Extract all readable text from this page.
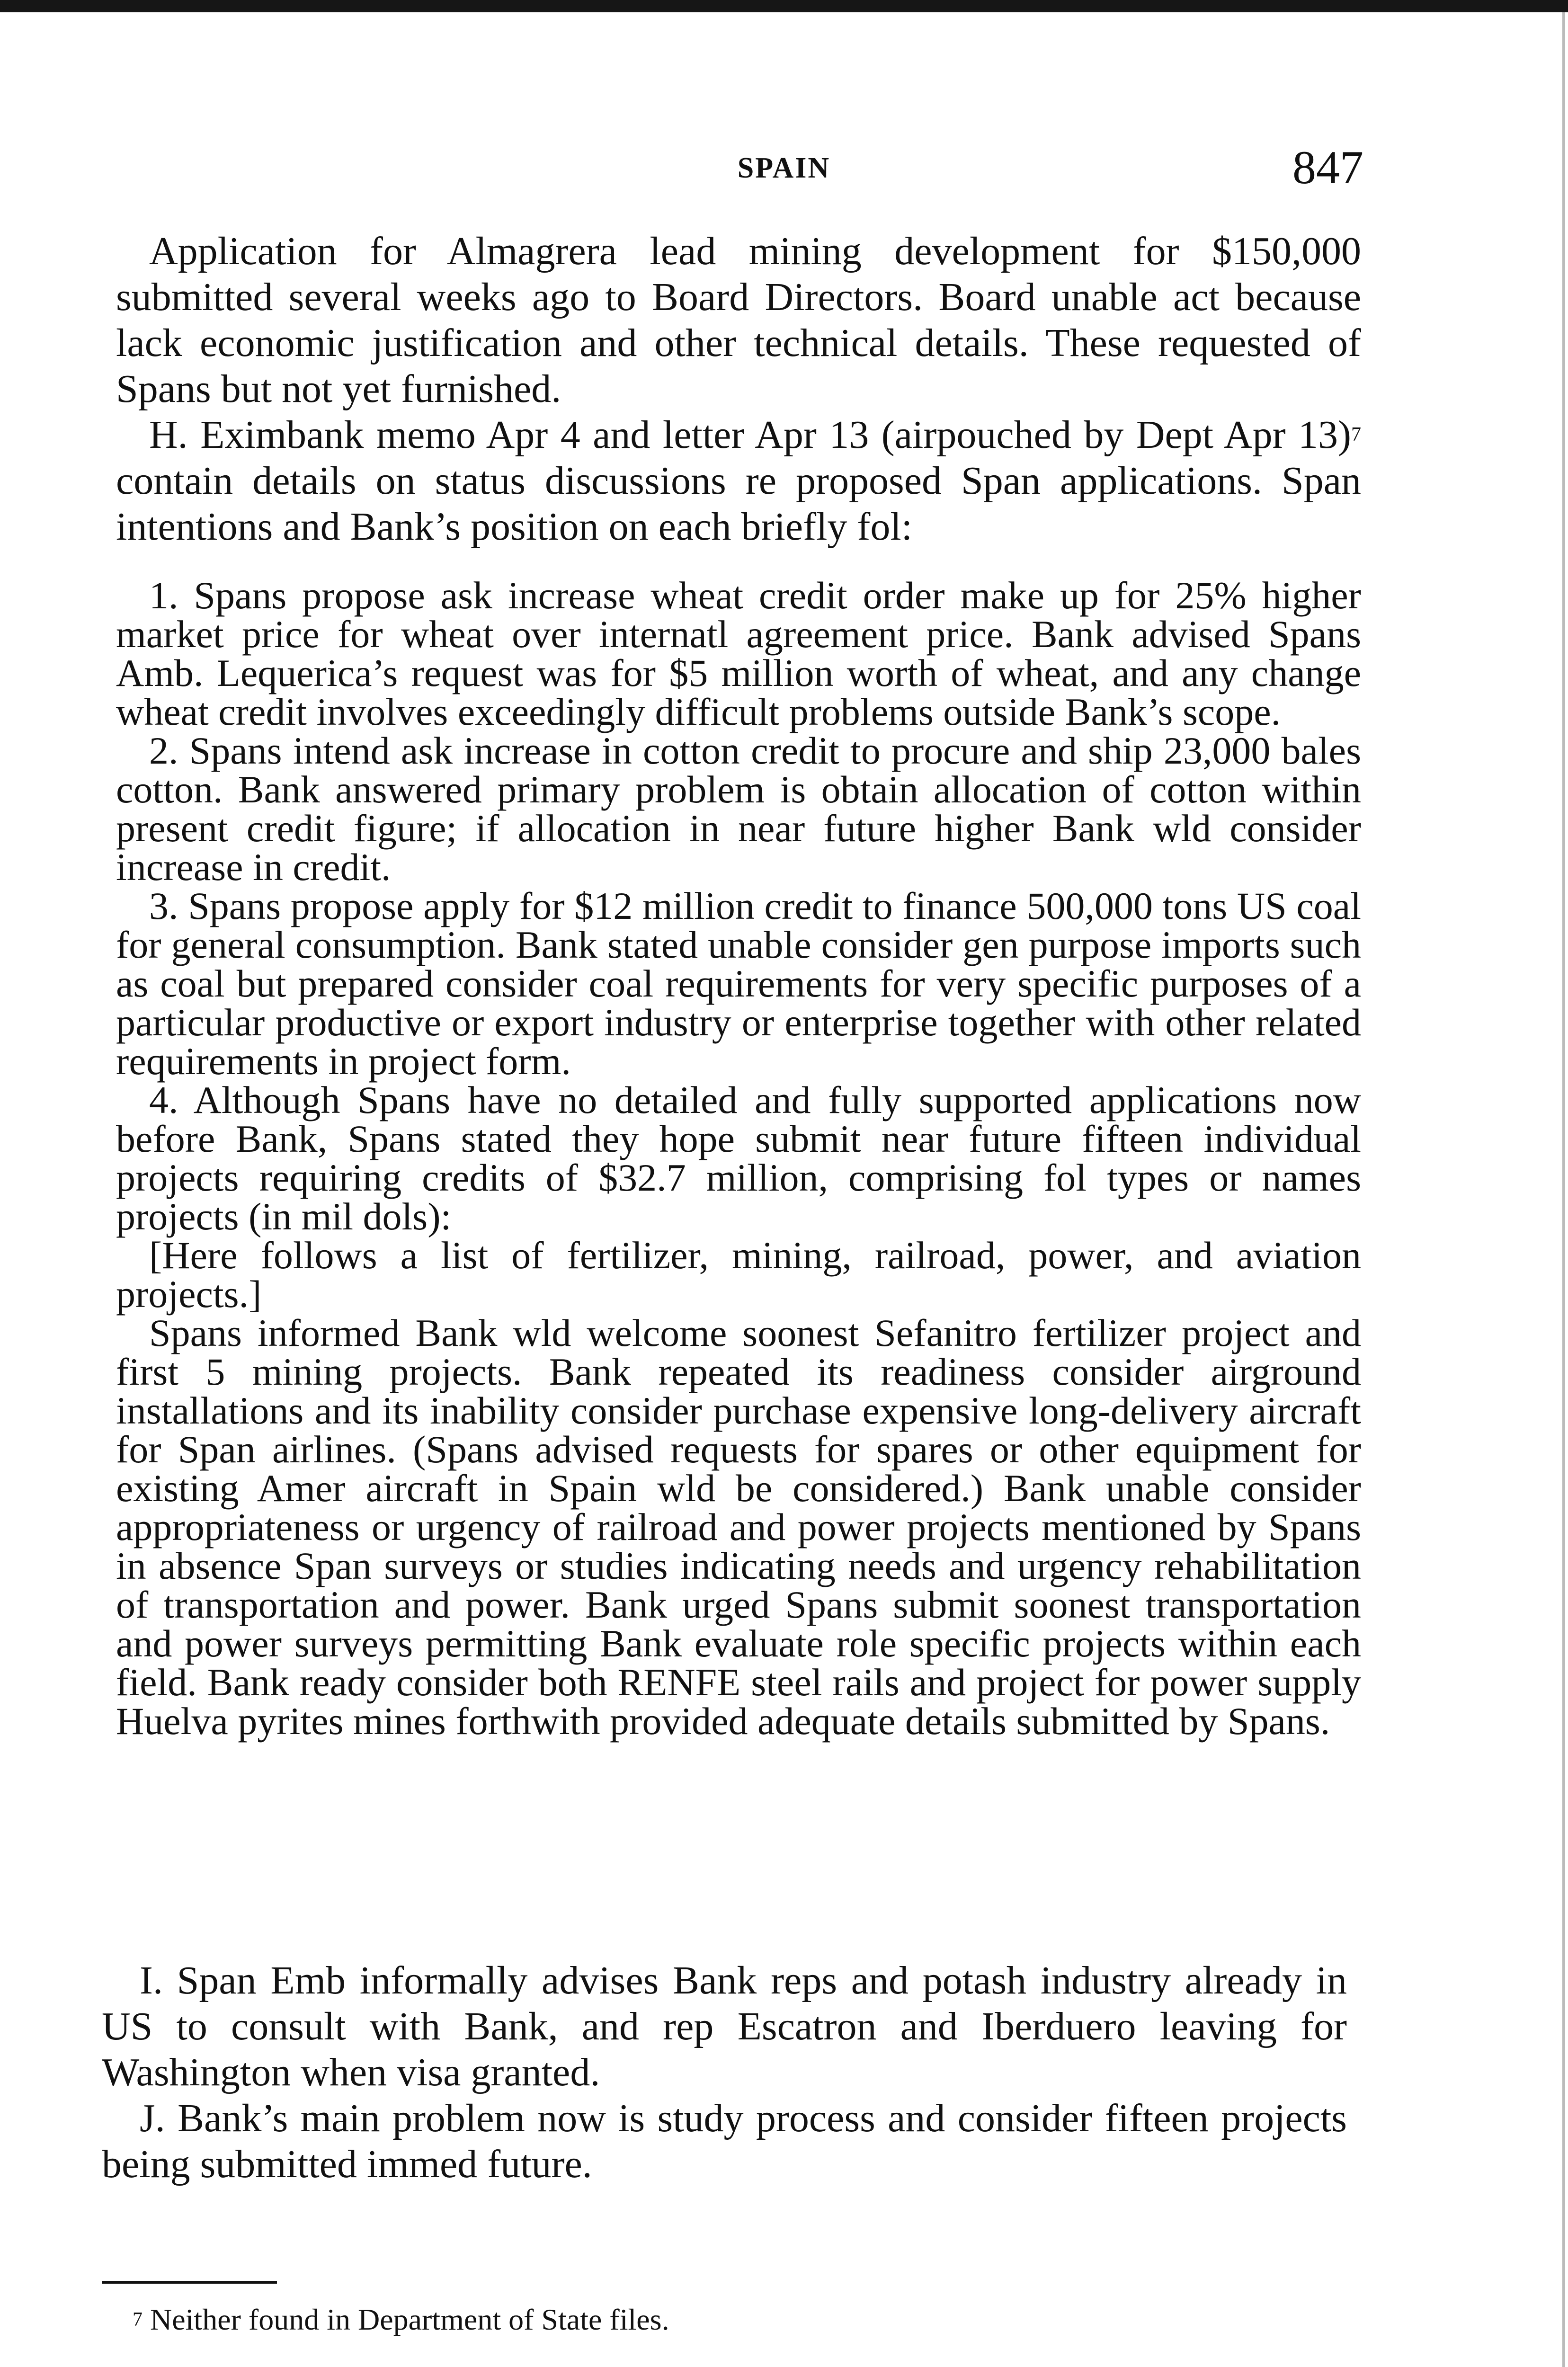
SPAIN	847

Application for Almagrera lead mining development for $150,000 submitted several weeks ago to Board Directors. Board unable act because lack economic justification and other technical details. These requested of Spans but not yet furnished.

H. Eximbank memo Apr 4 and letter Apr 13 (airpouched by Dept Apr 13)$^7$ contain details on status discussions re proposed Span applications. Span intentions and Bank’s position on each briefly fol:

1. Spans propose ask increase wheat credit order make up for 25% higher market price for wheat over internatl agreement price. Bank advised Spans Amb. Lequerica’s request was for $5 million worth of wheat, and any change wheat credit involves exceedingly difficult problems outside Bank’s scope.

2. Spans intend ask increase in cotton credit to procure and ship 23,000 bales cotton. Bank answered primary problem is obtain allocation of cotton within present credit figure; if allocation in near future higher Bank wld consider increase in credit.

3. Spans propose apply for $12 million credit to finance 500,000 tons US coal for general consumption. Bank stated unable consider gen purpose imports such as coal but prepared consider coal requirements for very specific purposes of a particular productive or export industry or enterprise together with other related requirements in project form.

4. Although Spans have no detailed and fully supported applications now before Bank, Spans stated they hope submit near future fifteen individual projects requiring credits of $32.7 million, comprising fol types or names projects (in mil dols):

[Here follows a list of fertilizer, mining, railroad, power, and aviation projects.]

Spans informed Bank wld welcome soonest Sefanitro fertilizer project and first 5 mining projects. Bank repeated its readiness consider airground installations and its inability consider purchase expensive long-delivery aircraft for Span airlines. (Spans advised requests for spares or other equipment for existing Amer aircraft in Spain wld be considered.) Bank unable consider appropriateness or urgency of railroad and power projects mentioned by Spans in absence Span surveys or studies indicating needs and urgency rehabilitation of transportation and power. Bank urged Spans submit soonest transportation and power surveys permitting Bank evaluate role specific projects within each field. Bank ready consider both RENFE steel rails and project for power supply Huelva pyrites mines forthwith provided adequate details submitted by Spans.

I. Span Emb informally advises Bank reps and potash industry already in US to consult with Bank, and rep Escatron and Iberduero leaving for Washington when visa granted.

J. Bank’s main problem now is study process and consider fifteen projects being submitted immed future.

$^7$ Neither found in Department of State files.
